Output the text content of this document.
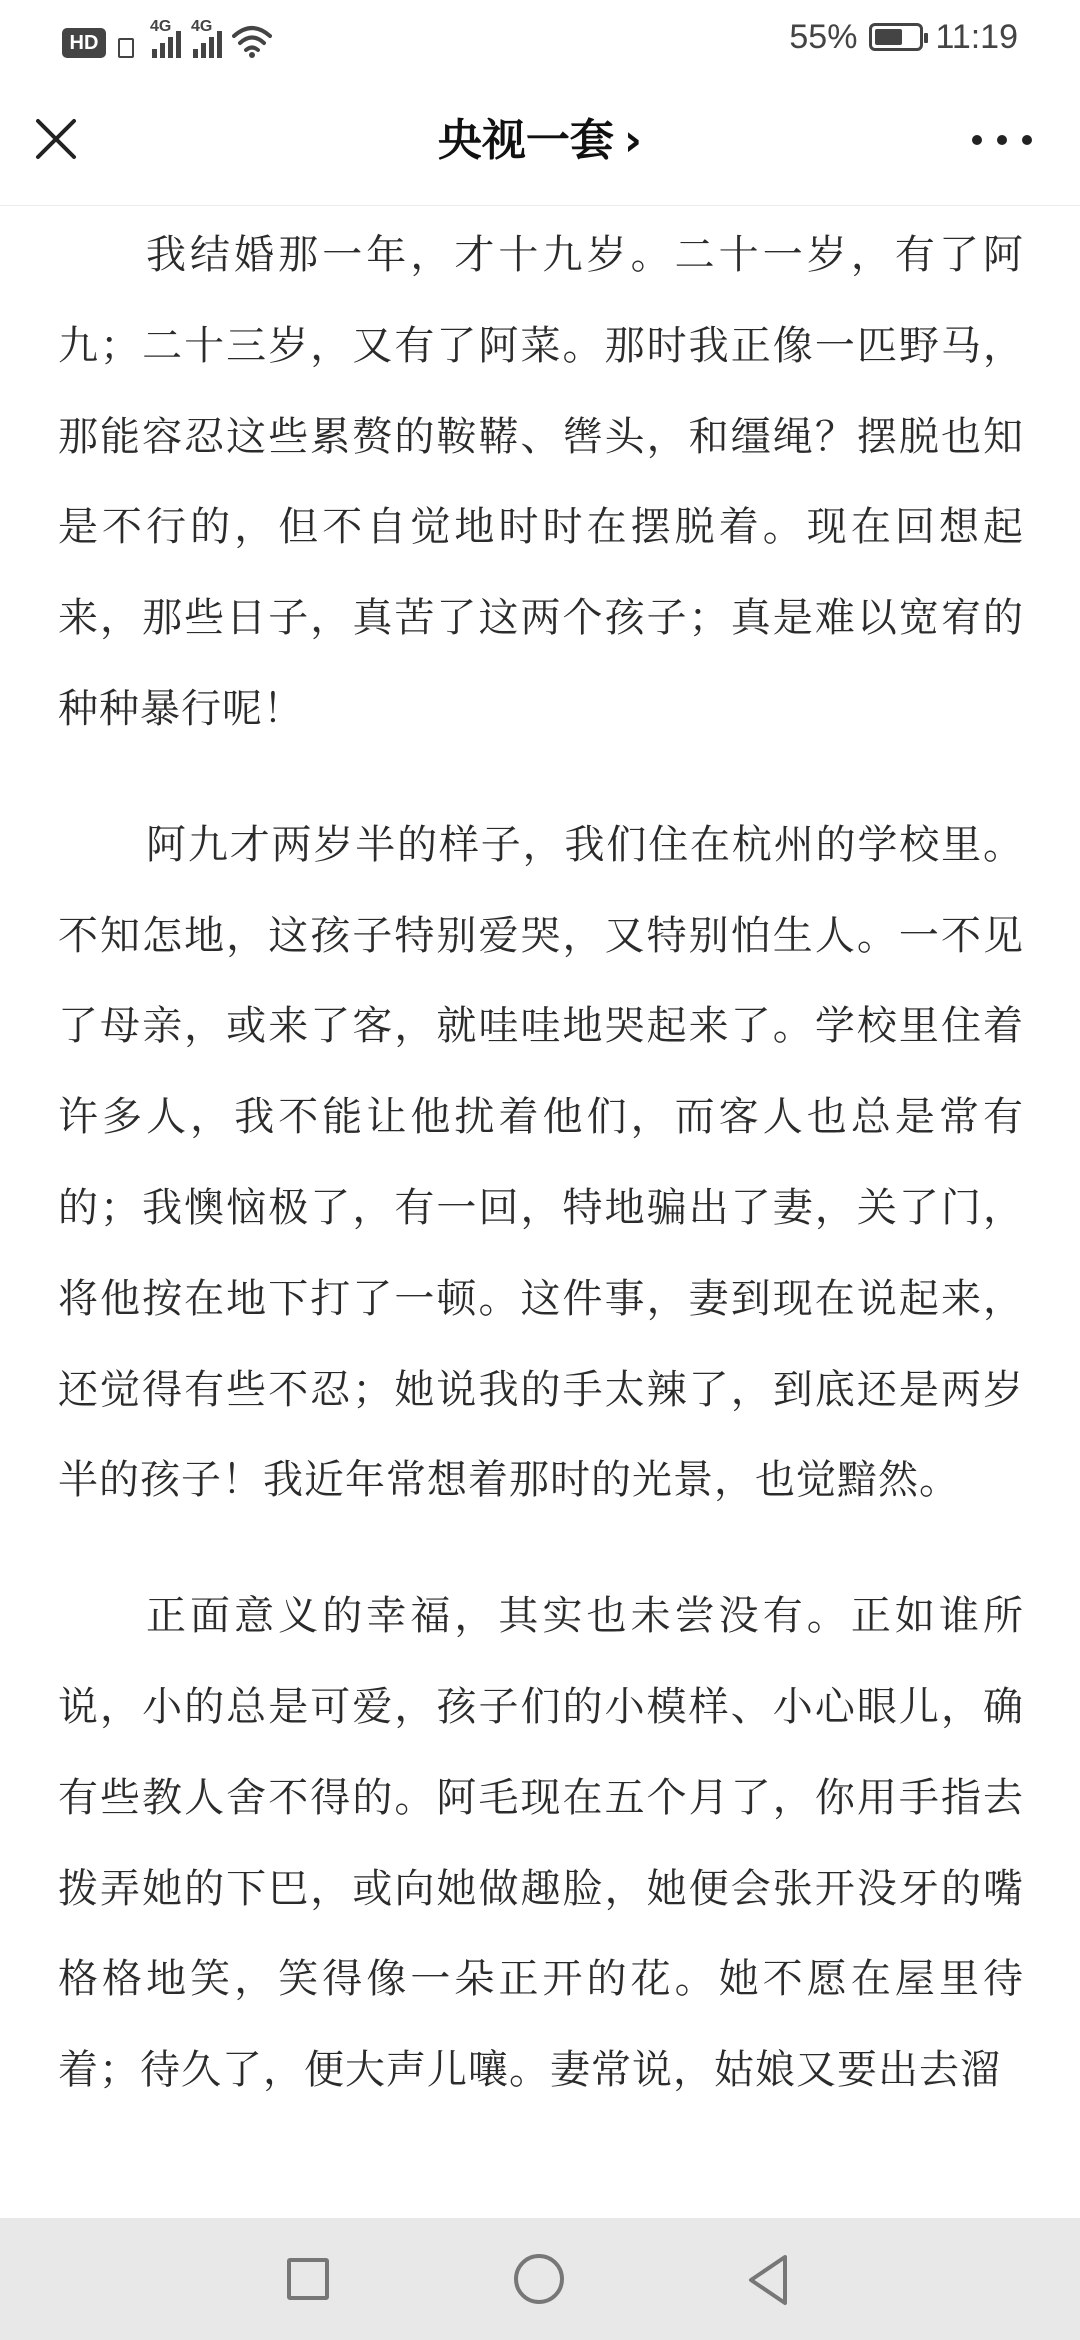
HD
4G 4G	55% 11:19
央视一套 ›

我结婚那一年，才十九岁。二十一岁，有了阿九；二十三岁，又有了阿菜。那时我正像一匹野马，那能容忍这些累赘的鞍鞯、辔头，和缰绳？摆脱也知是不行的，但不自觉地时时在摆脱着。现在回想起来，那些日子，真苦了这两个孩子；真是难以宽宥的种种暴行呢！

阿九才两岁半的样子，我们住在杭州的学校里。不知怎地，这孩子特别爱哭，又特别怕生人。一不见了母亲，或来了客，就哇哇地哭起来了。学校里住着许多人，我不能让他扰着他们，而客人也总是常有的；我懊恼极了，有一回，特地骗出了妻，关了门，将他按在地下打了一顿。这件事，妻到现在说起来，还觉得有些不忍；她说我的手太辣了，到底还是两岁半的孩子！我近年常想着那时的光景，也觉黯然。

正面意义的幸福，其实也未尝没有。正如谁所说，小的总是可爱，孩子们的小模样、小心眼儿，确有些教人舍不得的。阿毛现在五个月了，你用手指去拨弄她的下巴，或向她做趣脸，她便会张开没牙的嘴格格地笑，笑得像一朵正开的花。她不愿在屋里待着；待久了，便大声儿嚷。妻常说，姑娘又要出去溜
